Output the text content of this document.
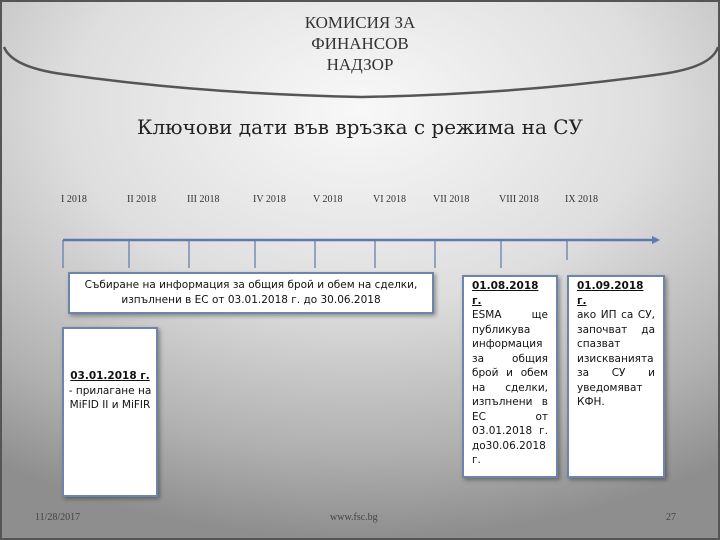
КОМИСИЯ ЗА
ФИНАНСОВ
НАДЗОР
Ключови дати във връзка с режима на СУ
I 2018	II 2018	III 2018	IV 2018	V 2018	VI 2018	VII 2018	VIII 2018	IX 2018
Събиране на информация за общия брой и обем на сделки, изпълнени в ЕС от 03.01.2018 г. до 30.06.2018
03.01.2018 г.
- прилагане на MiFID II и MiFIR
01.08.2018 г.
ESMA ще публикува информация за общия брой и обем на сделки, изпълнени в ЕС от 03.01.2018 г. до30.06.2018 г.
01.09.2018 г.
ако ИП са СУ, започват да спазват изискванията за СУ и уведомяват КФН.
11/28/2017	www.fsc.bg	27
